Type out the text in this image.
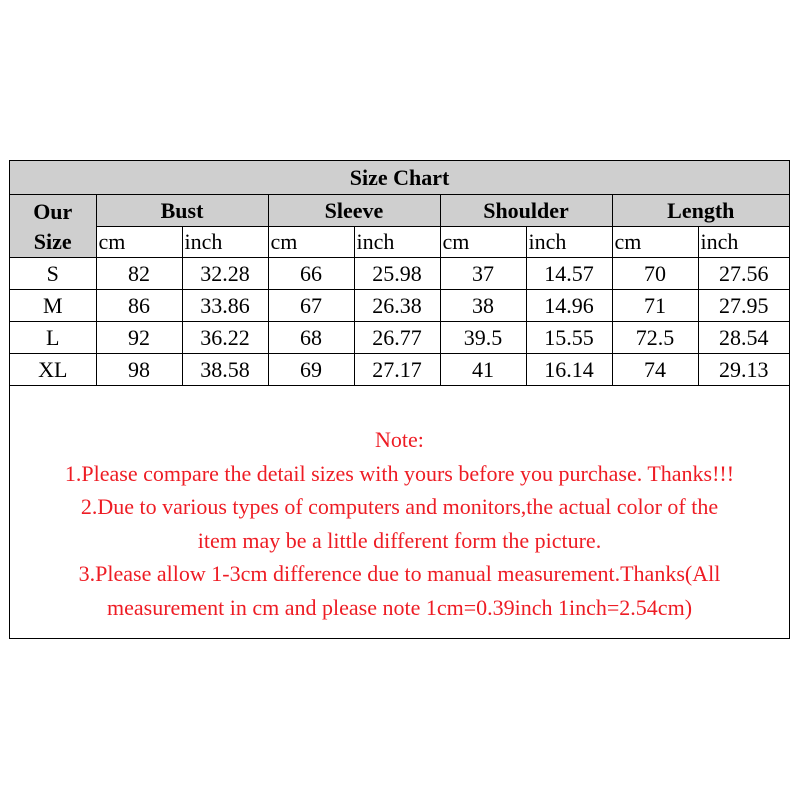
Size Chart								

Our
Size	Bust		Sleeve		Shoulder		Length	
	cm	inch	cm	inch	cm	inch	cm	inch
S	82	32.28	66	25.98	37	14.57	70	27.56
M	86	33.86	67	26.38	38	14.96	71	27.95
L	92	36.22	68	26.77	39.5	15.55	72.5	28.54
XL	98	38.58	69	27.17	41	16.14	74	29.13
Note:
1.Please compare the detail sizes with yours before you purchase. Thanks!!!
2.Due to various types of computers and monitors,the actual color of the
item may be a little different form the picture.
3.Please allow 1-3cm difference due to manual measurement.Thanks(All
measurement in cm and please note 1cm=0.39inch 1inch=2.54cm)
